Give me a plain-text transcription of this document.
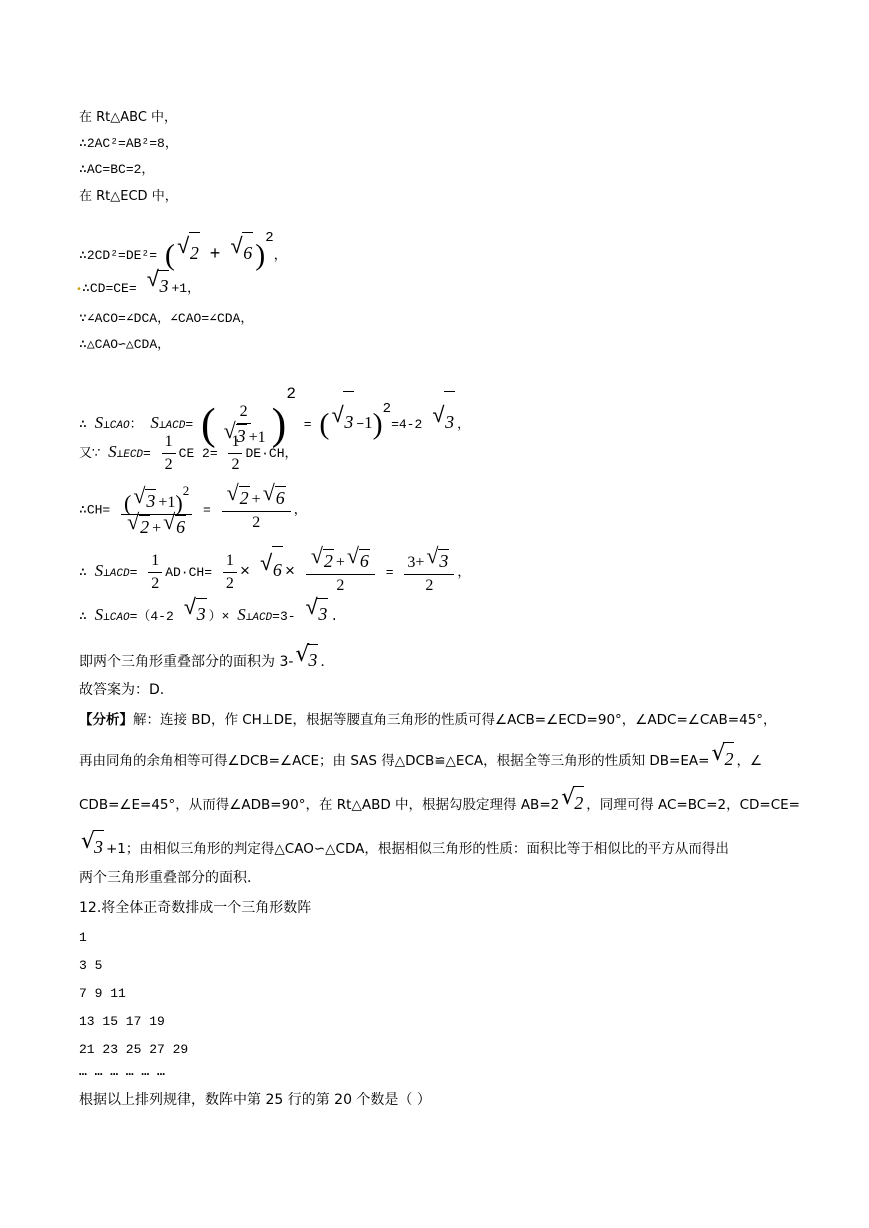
在 Rt△ABC 中，
∴2AC²=AB²=8，
∴AC=BC=2，
在 Rt△ECD 中，
∴2CD²=DE²= ( √ 2 + √ 6 )2，
•∴CD=CE= √ 3 +1，
∵∠ACO=∠DCA，∠CAO=∠CDA，
∴△CAO∽△CDA，
∴ S⊥CAO： S⊥ACD= ( 2
√ 3 +1 )2 = ( √ 3 −1)2=4-2 √ 3 ，
又∵ S⊥ECD= $\frac{1}{2}$ CE $2= \frac{1}{2} DE\cdot CH$，
∴CH= ( √ 3 +1)$^2$
√ 2 + √ 6 = √ $\frac{2 + √ 6}{2}$ ，
∴ S⊥ACD= $\frac{1}{2} AD\cdot CH= \frac{1}{2}$ × √ 6 × √ $\frac{2 + √ 6}{2} = \frac{3+ √ 3}{2}$ ，
∴ S⊥CAO=（4-2 √ 3 ）× S⊥ACD=3- √ 3 .
即两个三角形重叠部分的面积为 3- √ 3 .
故答案为：D.
【分析】解：连接 BD，作 CH⊥DE，根据等腰直角三角形的性质可得∠ACB=∠ECD=90°，∠ADC=∠CAB=45°，
再由同角的余角相等可得∠DCB=∠ACE；由 SAS 得△DCB≌△ECA，根据全等三角形的性质知 DB=EA= √ 2 ，∠
CDB=∠E=45°，从而得∠ADB=90°，在 Rt△ABD 中，根据勾股定理得 AB=2 √ 2 ，同理可得 AC=BC=2，CD=CE=
√ 3 +1；由相似三角形的判定得△CAO∽△CDA，根据相似三角形的性质：面积比等于相似比的平方从而得出
两个三角形重叠部分的面积.
12.将全体正奇数排成一个三角形数阵
1
3 5
7 9 11
13 15 17 19
21 23 25 27 29
… … … … … …
根据以上排列规律，数阵中第 25 行的第 20 个数是（ ）
